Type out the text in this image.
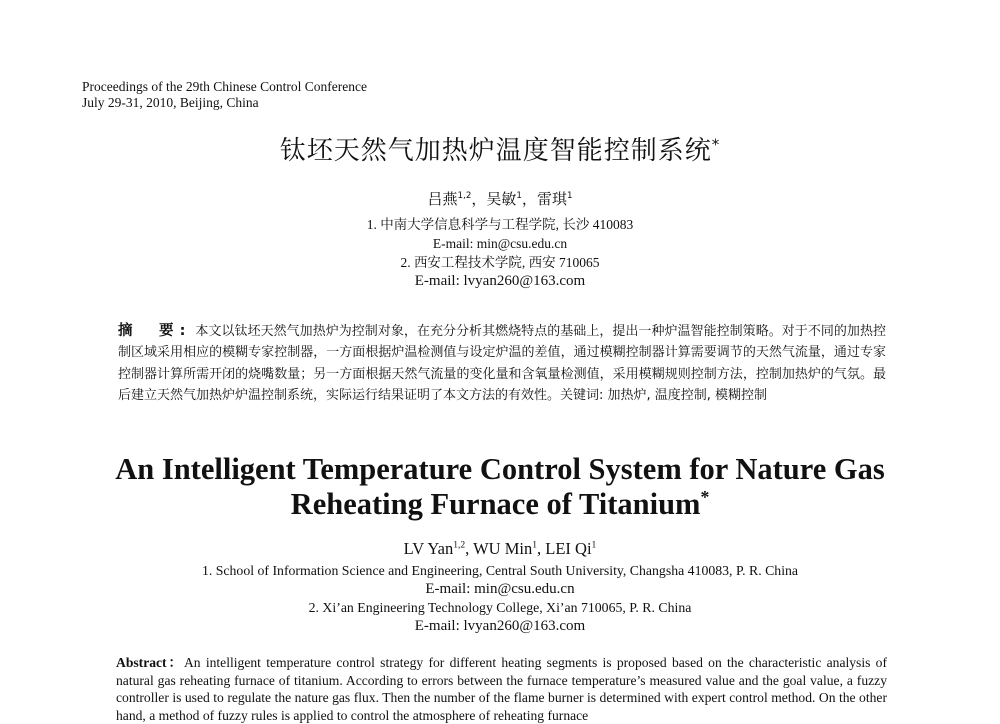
Proceedings of the 29th Chinese Control Conference
July 29-31, 2010, Beijing, China
钛坯天然气加热炉温度智能控制系统*
吕燕$^{1,2}$，吴敏$^1$，雷琪$^1$
1. 中南大学信息科学与工程学院, 长沙 410083
E-mail: min@csu.edu.cn
2. 西安工程技术学院, 西安 710065
E-mail: lvyan260@163.com

摘　要: 本文以钛坯天然气加热炉为控制对象，在充分分析其燃烧特点的基础上，提出一种炉温智能控制策略。对于不同的加热控制区域采用相应的模糊专家控制器，一方面根据炉温检测值与设定炉温的差值，通过模糊控制器计算需要调节的天然气流量，通过专家控制器计算所需开闭的烧嘴数量；另一方面根据天然气流量的变化量和含氧量检测值，采用模糊规则控制方法，控制加热炉的气氛。最后建立天然气加热炉炉温控制系统，实际运行结果证明了本文方法的有效性。关键词: 加热炉, 温度控制, 模糊控制

An Intelligent Temperature Control System for Nature Gas
Reheating Furnace of Titanium*
LV Yan$^{1,2}$, WU Min$^1$, LEI Qi$^1$
1. School of Information Science and Engineering, Central South University, Changsha 410083, P. R. China
E-mail: min@csu.edu.cn
2. Xi’an Engineering Technology College, Xi’an 710065, P. R. China
E-mail: lvyan260@163.com

Abstract：An intelligent temperature control strategy for different heating segments is proposed based on the characteristic analysis of natural gas reheating furnace of titanium. According to errors between the furnace temperature’s measured value and the goal value, a fuzzy controller is used to regulate the nature gas flux. Then the number of the flame burner is determined with expert control method. On the other hand, a method of fuzzy rules is applied to control the atmosphere of reheating furnace
